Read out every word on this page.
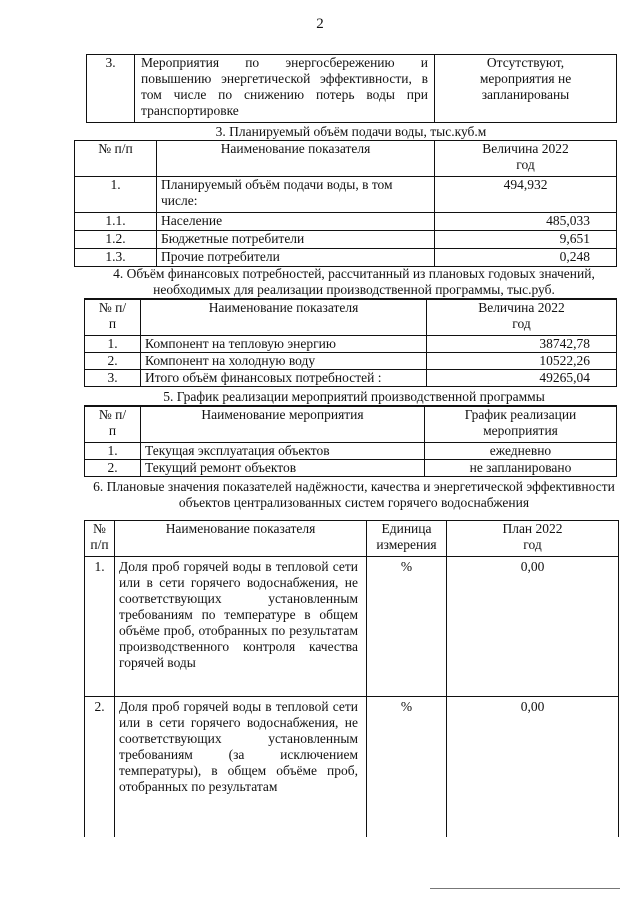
2
3.	Мероприятия по энергосбережению и повышению энергетической эффективности, в том числе по снижению потерь воды при транспортировке	Отсутствуют, мероприятия не запланированы
3. Планируемый объём подачи воды, тыс.куб.м
№ п/п	Наименование показателя	Величина 2022 год
1.	Планируемый объём подачи воды, в том числе:	494,932
1.1.	Население	485,033
1.2.	Бюджетные потребители	9,651
1.3.	Прочие потребители	0,248
4. Объём финансовых потребностей, рассчитанный из плановых годовых значений, необходимых для реализации производственной программы, тыс.руб.
№ п/п	Наименование показателя	Величина 2022 год
1.	Компонент на тепловую энергию	38742,78
2.	Компонент на холодную воду	10522,26
3.	Итого объём финансовых потребностей :	49265,04
5. График реализации мероприятий производственной программы
№ п/п	Наименование мероприятия	График реализации мероприятия
1.	Текущая эксплуатация объектов	ежедневно
2.	Текущий ремонт объектов	не запланировано
6. Плановые значения показателей надёжности, качества и энергетической эффективности объектов централизованных систем горячего водоснабжения
№ п/п	Наименование показателя	Единица измерения	План 2022 год
1.	Доля проб горячей воды в тепловой сети или в сети горячего водоснабжения, не соответствующих установленным требованиям по температуре в общем объёме проб, отобранных по результатам производственного контроля качества горячей воды	%	0,00
2.	Доля проб горячей воды в тепловой сети или в сети горячего водоснабжения, не соответствующих установленным требованиям (за исключением температуры), в общем объёме проб, отобранных по результатам	%	0,00
